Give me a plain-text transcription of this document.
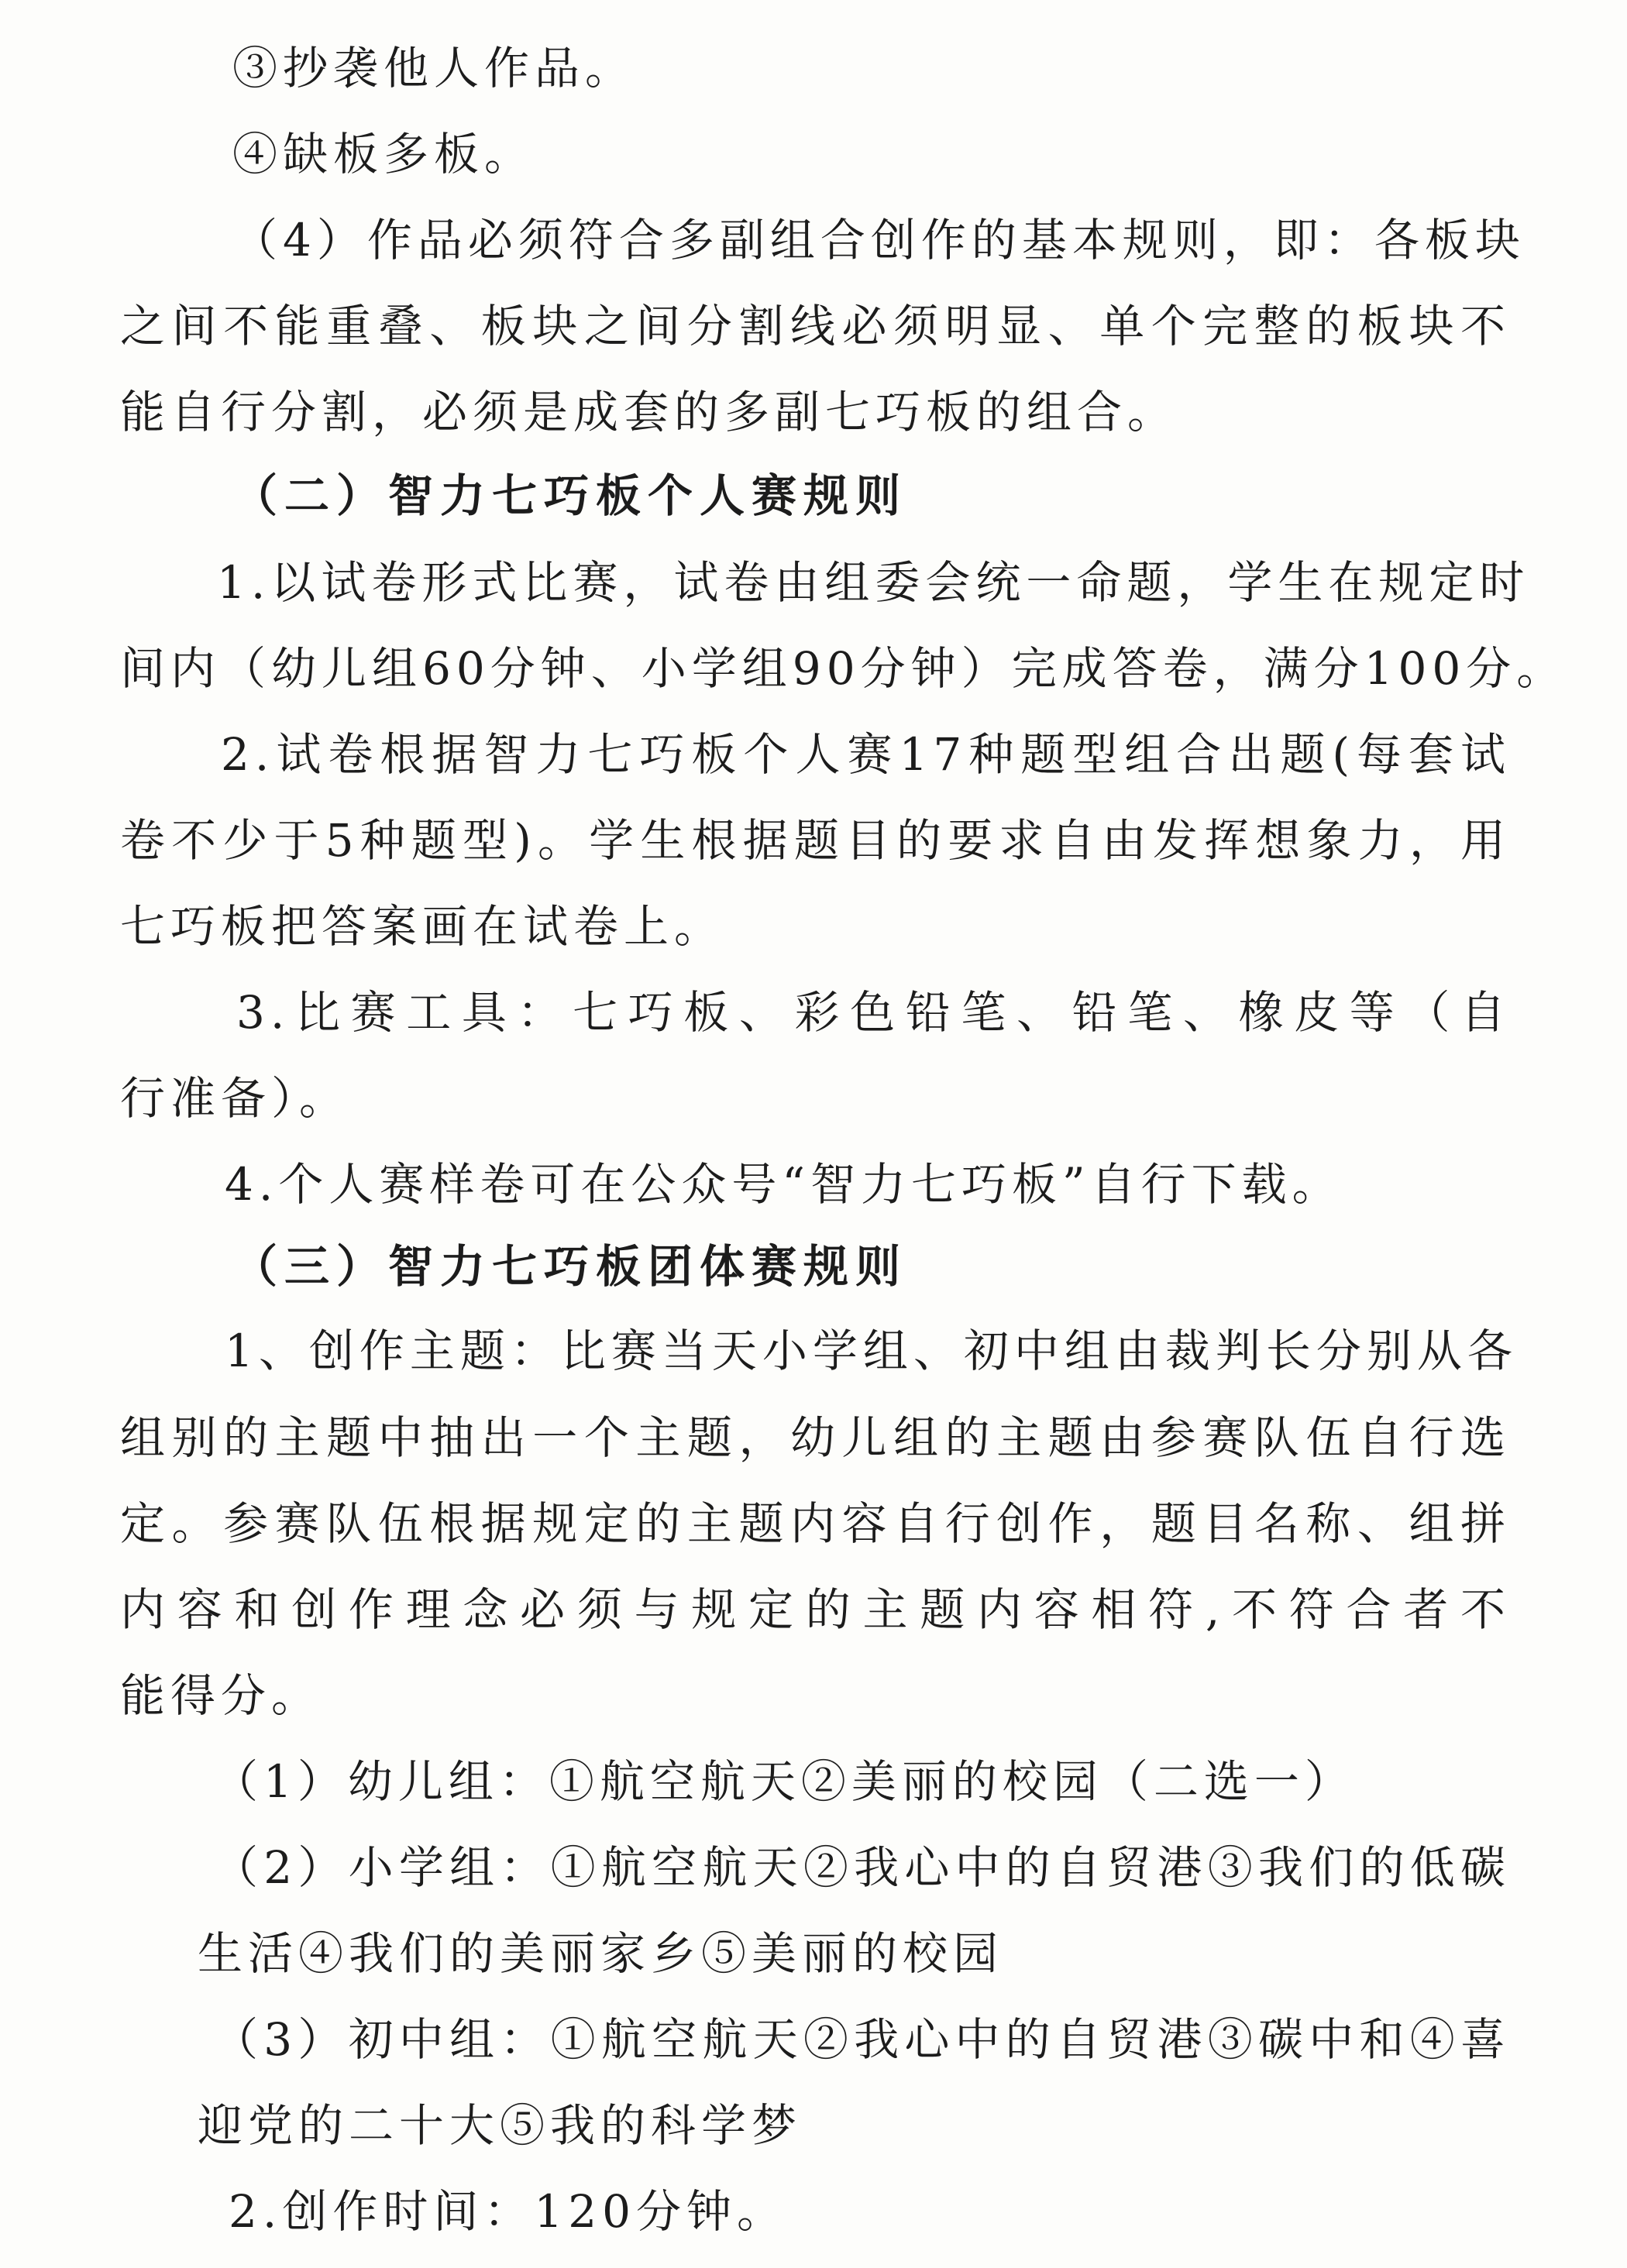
③抄袭他人作品。
④缺板多板。
（4）作品必须符合多副组合创作的基本规则，即：各板块
之间不能重叠、板块之间分割线必须明显、单个完整的板块不
能自行分割，必须是成套的多副七巧板的组合。
（二）智力七巧板个人赛规则
1.以试卷形式比赛，试卷由组委会统一命题，学生在规定时
间内（幼儿组60分钟、小学组90分钟）完成答卷，满分100分。
2.试卷根据智力七巧板个人赛17种题型组合出题(每套试
卷不少于5种题型)。学生根据题目的要求自由发挥想象力，用
七巧板把答案画在试卷上。
3.比赛工具：七巧板、彩色铅笔、铅笔、橡皮等（自
行准备）。
4.个人赛样卷可在公众号“智力七巧板”自行下载。
（三）智力七巧板团体赛规则
1、创作主题：比赛当天小学组、初中组由裁判长分别从各
组别的主题中抽出一个主题，幼儿组的主题由参赛队伍自行选
定。参赛队伍根据规定的主题内容自行创作，题目名称、组拼
内容和创作理念必须与规定的主题内容相符,不符合者不
能得分。
（1）幼儿组：①航空航天②美丽的校园（二选一）
（2）小学组：①航空航天②我心中的自贸港③我们的低碳
生活④我们的美丽家乡⑤美丽的校园
（3）初中组：①航空航天②我心中的自贸港③碳中和④喜
迎党的二十大⑤我的科学梦
2.创作时间：120分钟。
